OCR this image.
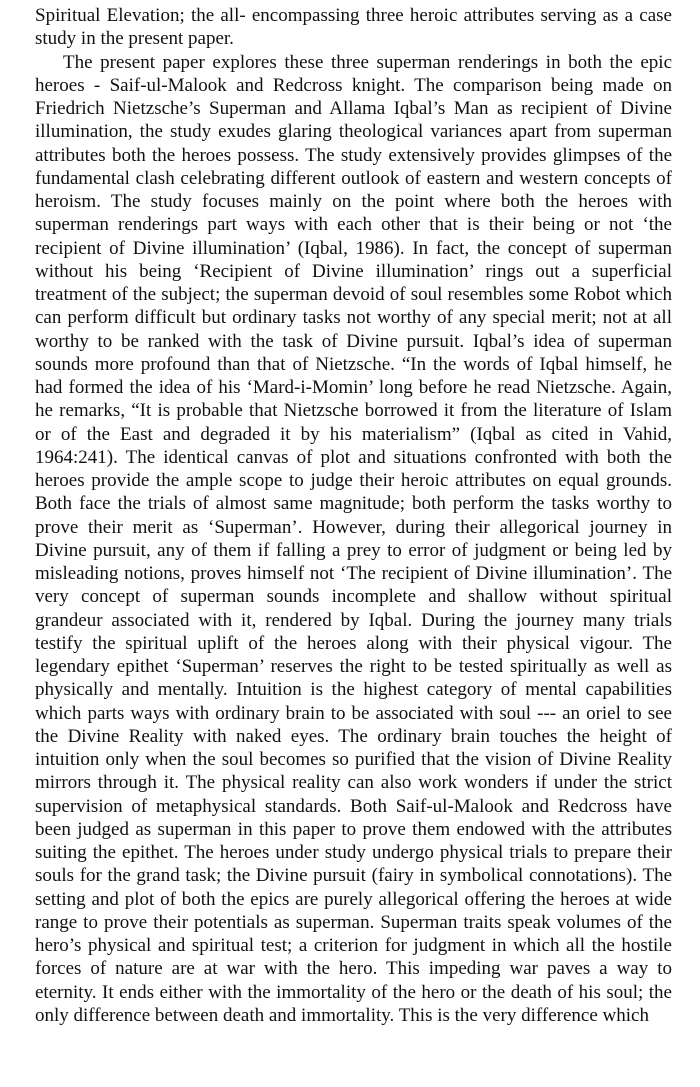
Spiritual Elevation; the all- encompassing three heroic attributes serving as a case study in the present paper.

The present paper explores these three superman renderings in both the epic heroes - Saif-ul-Malook and Redcross knight. The comparison being made on Friedrich Nietzsche’s Superman and Allama Iqbal’s Man as recipient of Divine illumination, the study exudes glaring theological variances apart from superman attributes both the heroes possess. The study extensively provides glimpses of the fundamental clash celebrating different outlook of eastern and western concepts of heroism. The study focuses mainly on the point where both the heroes with superman renderings part ways with each other that is their being or not ‘the recipient of Divine illumination’ (Iqbal, 1986). In fact, the concept of superman without his being ‘Recipient of Divine illumination’ rings out a superficial treatment of the subject; the superman devoid of soul resembles some Robot which can perform difficult but ordinary tasks not worthy of any special merit; not at all worthy to be ranked with the task of Divine pursuit. Iqbal’s idea of superman sounds more profound than that of Nietzsche. “In the words of Iqbal himself, he had formed the idea of his ‘Mard-i-Momin’ long before he read Nietzsche. Again, he remarks, “It is probable that Nietzsche borrowed it from the literature of Islam or of the East and degraded it by his materialism” (Iqbal as cited in Vahid, 1964:241). The identical canvas of plot and situations confronted with both the heroes provide the ample scope to judge their heroic attributes on equal grounds. Both face the trials of almost same magnitude; both perform the tasks worthy to prove their merit as ‘Superman’. However, during their allegorical journey in Divine pursuit, any of them if falling a prey to error of judgment or being led by misleading notions, proves himself not ‘The recipient of Divine illumination’. The very concept of superman sounds incomplete and shallow without spiritual grandeur associated with it, rendered by Iqbal. During the journey many trials testify the spiritual uplift of the heroes along with their physical vigour. The legendary epithet ‘Superman’ reserves the right to be tested spiritually as well as physically and mentally. Intuition is the highest category of mental capabilities which parts ways with ordinary brain to be associated with soul --- an oriel to see the Divine Reality with naked eyes. The ordinary brain touches the height of intuition only when the soul becomes so purified that the vision of Divine Reality mirrors through it. The physical reality can also work wonders if under the strict supervision of metaphysical standards. Both Saif-ul-Malook and Redcross have been judged as superman in this paper to prove them endowed with the attributes suiting the epithet. The heroes under study undergo physical trials to prepare their souls for the grand task; the Divine pursuit (fairy in symbolical connotations). The setting and plot of both the epics are purely allegorical offering the heroes at wide range to prove their potentials as superman. Superman traits speak volumes of the hero’s physical and spiritual test; a criterion for judgment in which all the hostile forces of nature are at war with the hero. This impeding war paves a way to eternity. It ends either with the immortality of the hero or the death of his soul; the only difference between death and immortality. This is the very difference which
